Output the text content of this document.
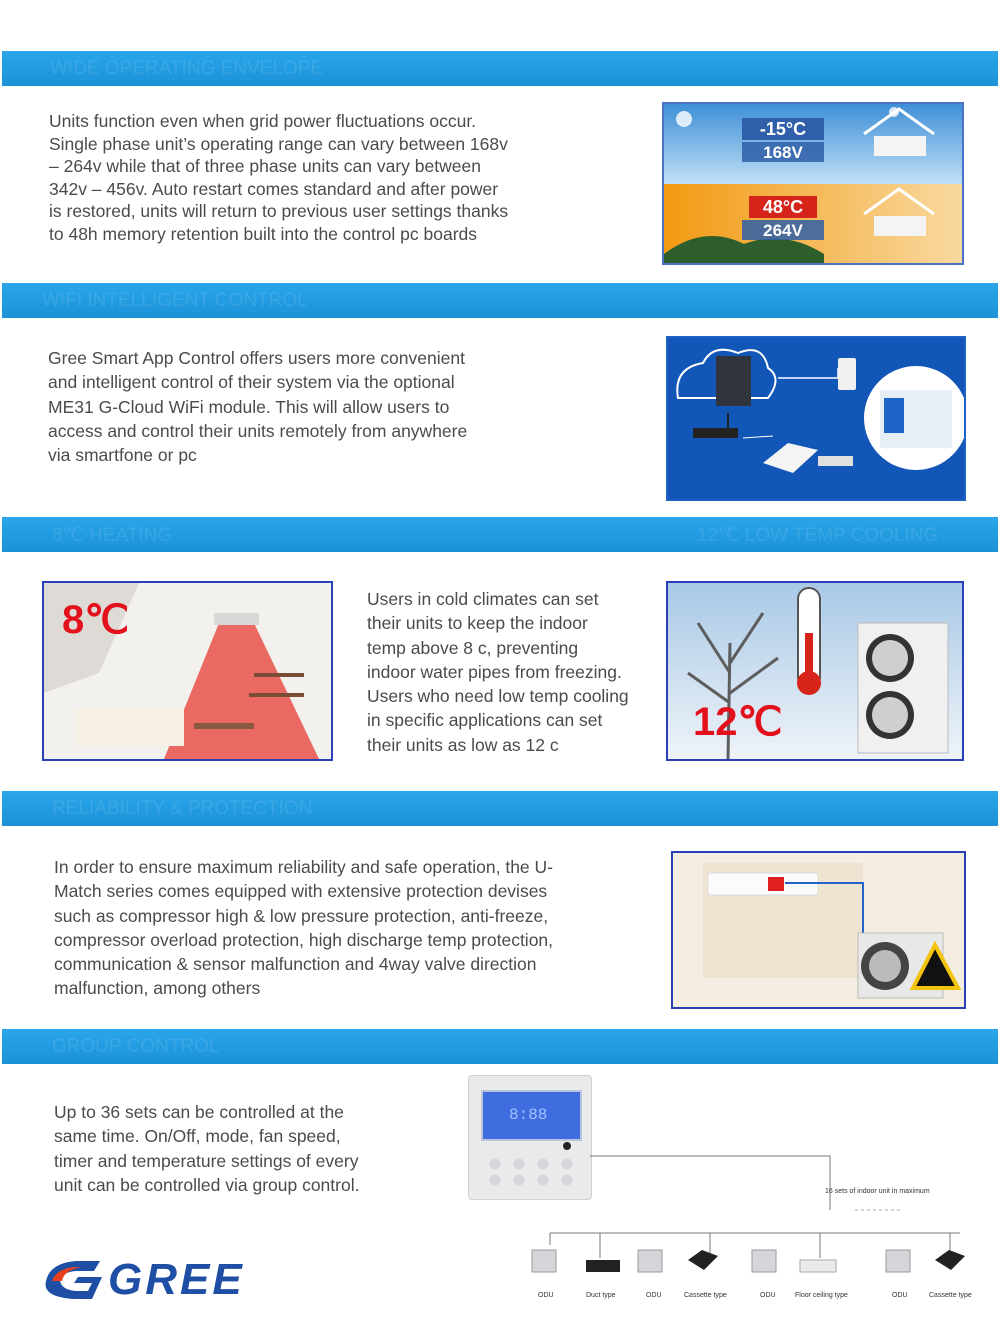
WIDE OPERATING ENVELOPE
Units function even when grid power fluctuations occur.
Single phase unit’s operating range can vary between 168v
– 264v while that of three phase units can vary between
342v – 456v. Auto restart comes standard and after power
is restored, units will return to previous user settings thanks
to 48h memory retention built into the control pc boards
-15°C
168V
48°C
264V
WIFI INTELLIGENT CONTROL
Gree Smart App Control offers users more convenient
and intelligent control of their system via the optional
ME31 G-Cloud WiFi module. This will allow users to
access and control their units remotely from anywhere
via smartfone or pc
8℃ HEATING	12℃ LOW TEMP COOLING
8℃	Users in cold climates can set
their units to keep the indoor
temp above 8 c, preventing
indoor water pipes from freezing.
Users who need low temp cooling
in specific applications can set
their units as low as 12 c
12℃
RELIABILITY & PROTECTION
In order to ensure maximum reliability and safe operation, the U-
Match series comes equipped with extensive protection devises
such as compressor high & low pressure protection, anti-freeze,
compressor overload protection, high discharge temp protection,
communication & sensor malfunction and 4way valve direction
malfunction, among others
GROUP CONTROL
Up to 36 sets can be controlled at the
same time. On/Off, mode, fan speed,
timer and temperature settings of every
unit can be controlled via group control.
8:88
16 sets of indoor unit in maximum
ODU	Duct type	ODU	Cassette type	ODU	Floor ceiling type	ODU	Cassette type
GREE
